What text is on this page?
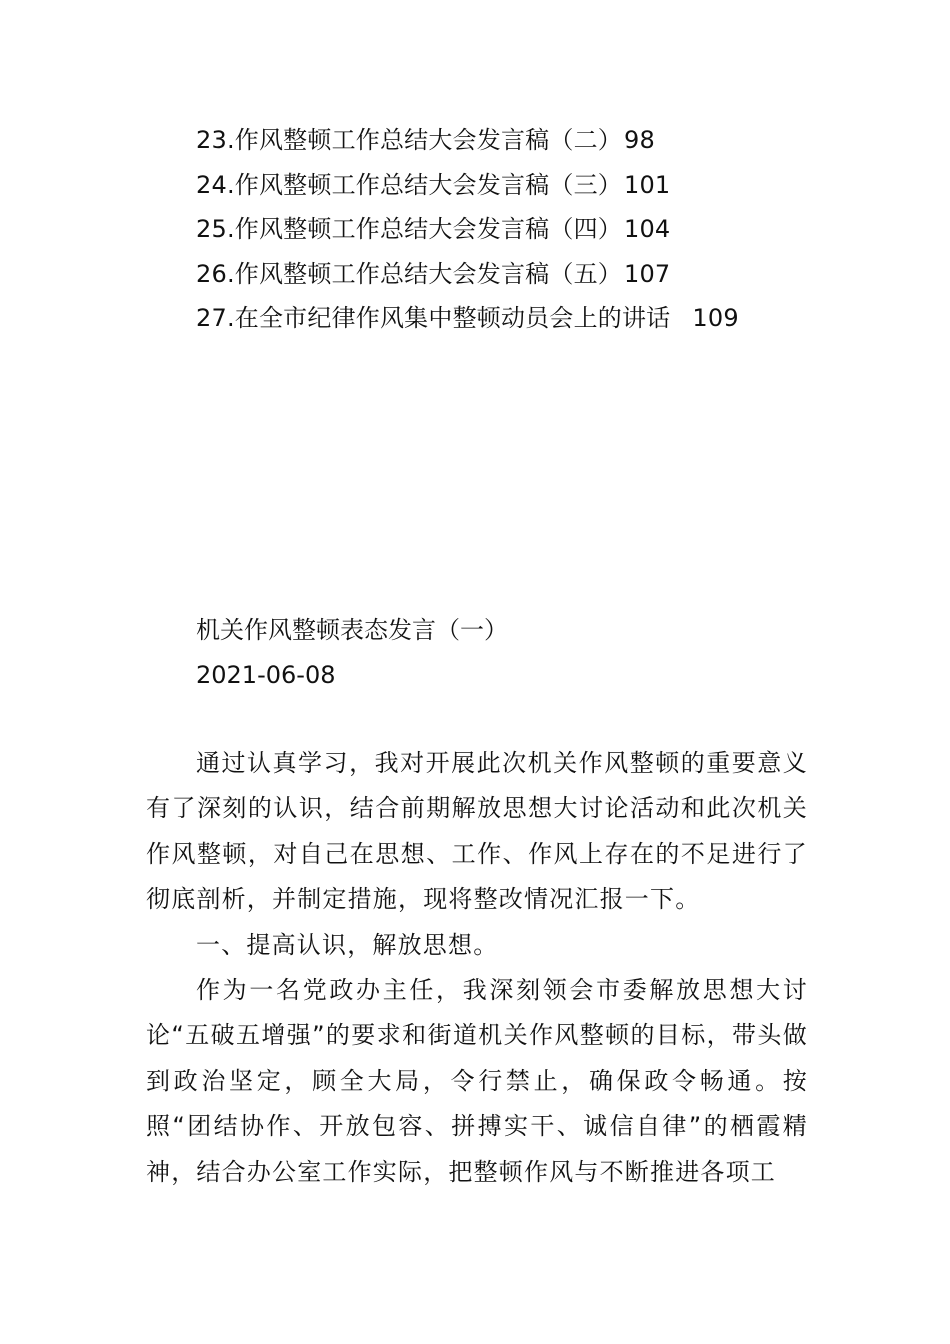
23.作风整顿工作总结大会发言稿（二）98
24.作风整顿工作总结大会发言稿（三）101
25.作风整顿工作总结大会发言稿（四）104
26.作风整顿工作总结大会发言稿（五）107
27.在全市纪律作风集中整顿动员会上的讲话 109
机关作风整顿表态发言（一）
2021-06-08

通过认真学习，我对开展此次机关作风整顿的重要意义有了深刻的认识，结合前期解放思想大讨论活动和此次机关作风整顿，对自己在思想、工作、作风上存在的不足进行了彻底剖析，并制定措施，现将整改情况汇报一下。

一、提高认识，解放思想。

作为一名党政办主任，我深刻领会市委解放思想大讨论“五破五增强”的要求和街道机关作风整顿的目标，带头做到政治坚定，顾全大局，令行禁止，确保政令畅通。按照“团结协作、开放包容、拼搏实干、诚信自律”的栖霞精神，结合办公室工作实际，把整顿作风与不断推进各项工
